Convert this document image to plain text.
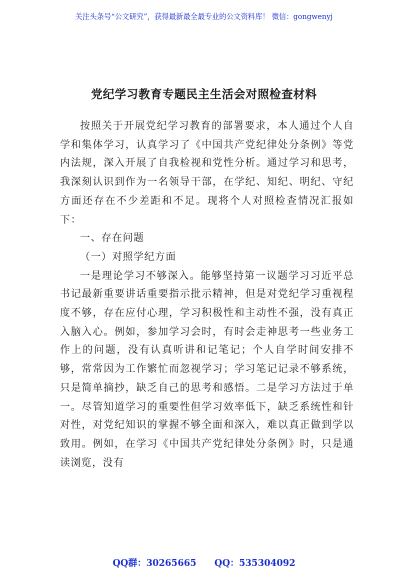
关注头条号“公文研究”，获得最新最全最专业的公文资料库！ 微信：gongwenyj
党纪学习教育专题民主生活会对照检查材料

按照关于开展党纪学习教育的部署要求，本人通过个人自学和集体学习，认真学习了《中国共产党纪律处分条例》等党内法规，深入开展了自我检视和党性分析。通过学习和思考，我深刻认识到作为一名领导干部，在学纪、知纪、明纪、守纪方面还存在不少差距和不足。现将个人对照检查情况汇报如下：

一、存在问题

（一）对照学纪方面

一是理论学习不够深入。能够坚持第一议题学习习近平总书记最新重要讲话重要指示批示精神，但是对党纪学习重视程度不够，存在应付心理，学习积极性和主动性不强，没有真正入脑入心。例如，参加学习会时，有时会走神思考一些业务工作上的问题，没有认真听讲和记笔记；个人自学时间安排不够，常常因为工作繁忙而忽视学习；学习笔记记录不够系统，只是简单摘抄，缺乏自己的思考和感悟。二是学习方法过于单一。尽管知道学习的重要性但学习效率低下，缺乏系统性和针对性，对党纪知识的掌握不够全面和深入，难以真正做到学以致用。例如，在学习《中国共产党纪律处分条例》时，只是通读浏览，没有

QQ群：30265665　　QQ：535304092
